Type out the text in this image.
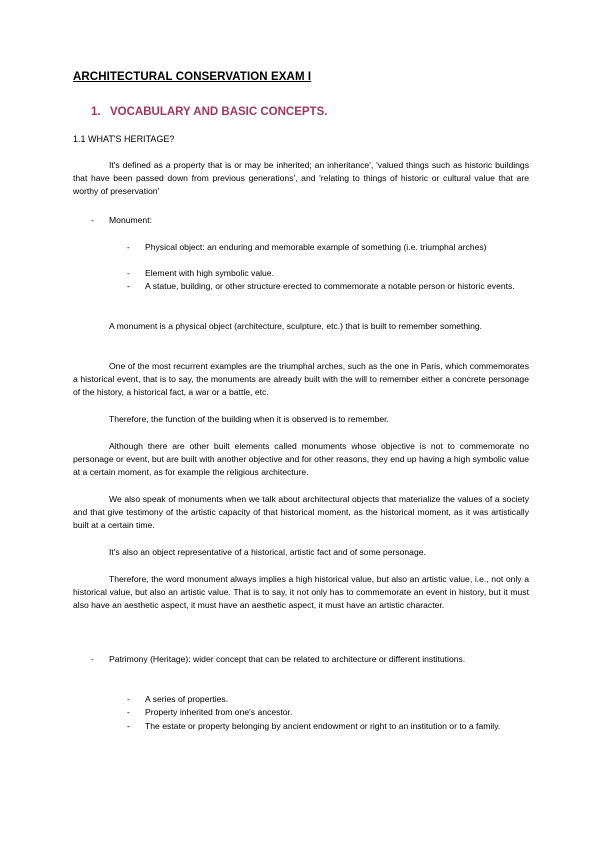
ARCHITECTURAL CONSERVATION EXAM I
1. VOCABULARY AND BASIC CONCEPTS.
1.1 WHAT'S HERITAGE?

It's defined as a property that is or may be inherited; an inheritance', 'valued things such as historic buildings that have been passed down from previous generations', and 'relating to things of historic or cultural value that are worthy of preservation'

- Monument:
- Physical object: an enduring and memorable example of something (i.e. triumphal arches)
- Element with high symbolic value.
- A statue, building, or other structure erected to commemorate a notable person or historic events.

A monument is a physical object (architecture, sculpture, etc.) that is built to remember something.

One of the most recurrent examples are the triumphal arches, such as the one in Paris, which commemorates a historical event, that is to say, the monuments are already built with the will to remember either a concrete personage of the history, a historical fact, a war or a battle, etc.

Therefore, the function of the building when it is observed is to remember.

Although there are other built elements called monuments whose objective is not to commemorate no personage or event, but are built with another objective and for other reasons, they end up having a high symbolic value at a certain moment, as for example the religious architecture.

We also speak of monuments when we talk about architectural objects that materialize the values of a society and that give testimony of the artistic capacity of that historical moment, as the historical moment, as it was artistically built at a certain time.

It's also an object representative of a historical, artistic fact and of some personage.

Therefore, the word monument always implies a high historical value, but also an artistic value, i.e., not only a historical value, but also an artistic value. That is to say, it not only has to commemorate an event in history, but it must also have an aesthetic aspect, it must have an aesthetic aspect, it must have an artistic character.

- Patrimony (Heritage): wider concept that can be related to architecture or different institutions.
- A series of properties.
- Property inherited from one's ancestor.
- The estate or property belonging by ancient endowment or right to an institution or to a family.
